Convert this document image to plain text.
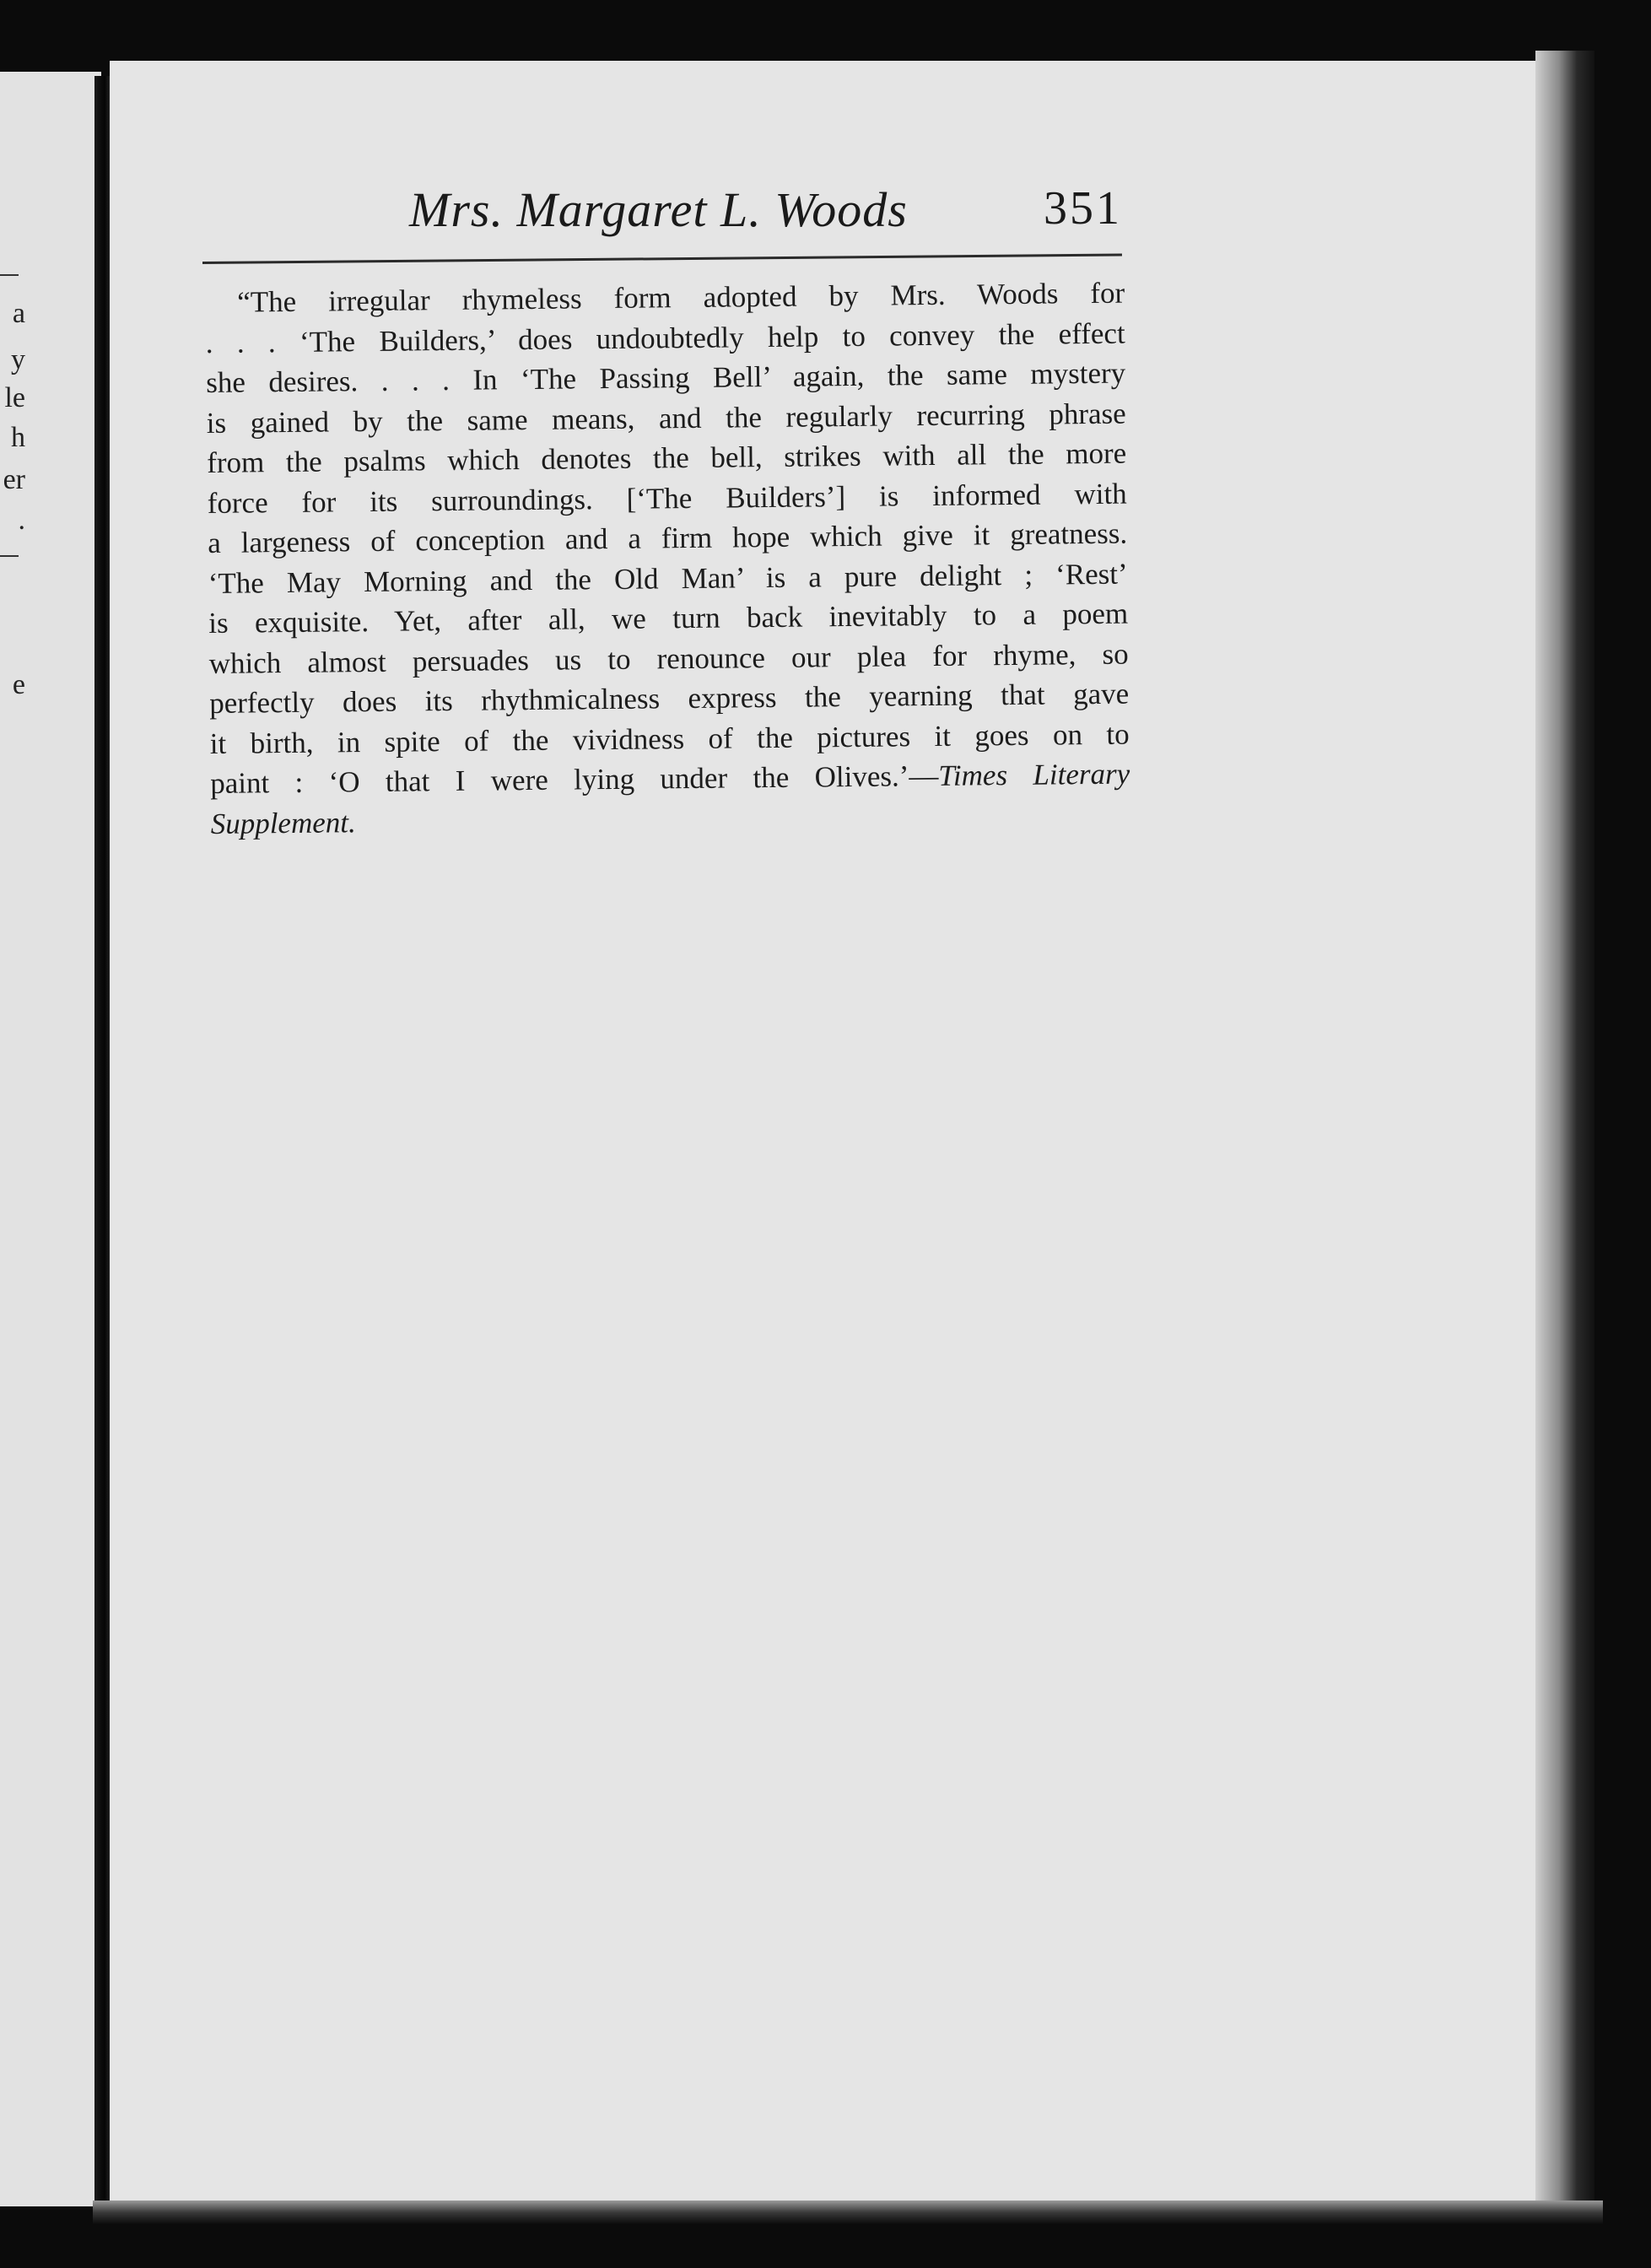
a
y
le
h
er
.
e
Mrs. Margaret L. Woods	351
“The irregular rhymeless form adopted by Mrs. Woods for
. . . ‘The Builders,’ does undoubtedly help to convey the effect
she desires. . . . In ‘The Passing Bell’ again, the same mystery
is gained by the same means, and the regularly recurring phrase
from the psalms which denotes the bell, strikes with all the more
force for its surroundings. [‘The Builders’] is informed with
a largeness of conception and a firm hope which give it greatness.
‘The May Morning and the Old Man’ is a pure delight ; ‘Rest’
is exquisite. Yet, after all, we turn back inevitably to a poem
which almost persuades us to renounce our plea for rhyme, so
perfectly does its rhythmicalness express the yearning that gave
it birth, in spite of the vividness of the pictures it goes on to
paint : ‘O that I were lying under the Olives.’—Times Literary
Supplement.
